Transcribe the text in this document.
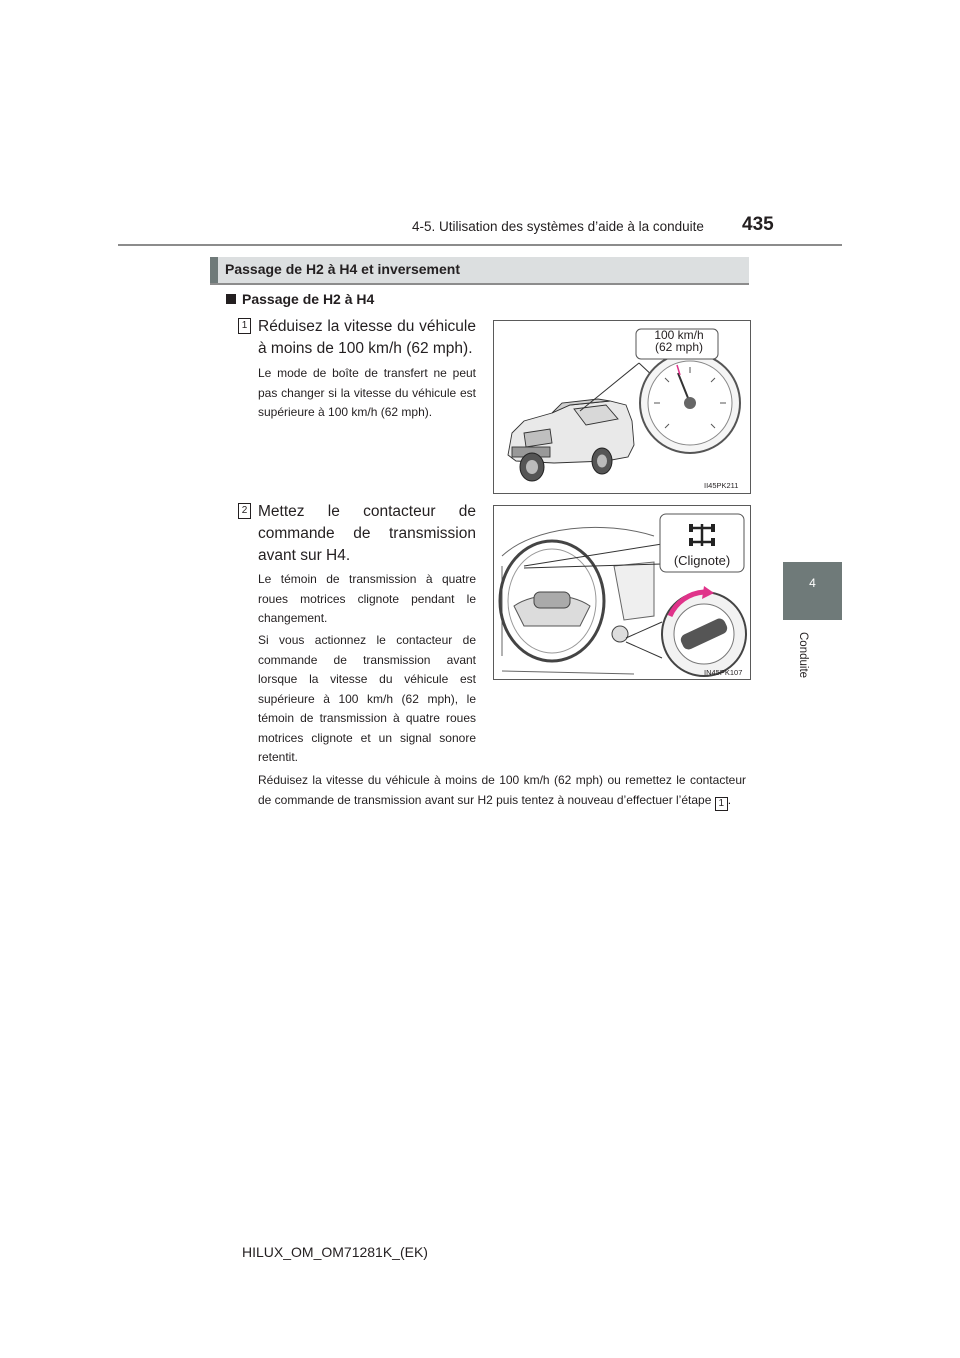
4-5. Utilisation des systèmes d’aide à la conduite 435
4
Conduite
Passage de H2 à H4 et inversement
Passage de H2 à H4
1 Réduisez la vitesse du véhicule à moins de 100 km/h (62 mph).
Le mode de boîte de transfert ne peut pas changer si la vitesse du véhicule est supérieure à 100 km/h (62 mph).
100 km/h
(62 mph)
II45PK211
2 Mettez le contacteur de commande de transmission avant sur H4.
Le témoin de transmission à quatre roues motrices clignote pendant le changement.
Si vous actionnez le contacteur de commande de transmission avant lorsque la vitesse du véhicule est supérieure à 100 km/h (62 mph), le témoin de transmission à quatre roues motrices clignote et un signal sonore retentit.
(Clignote)
IN45PK107
Réduisez la vitesse du véhicule à moins de 100 km/h (62 mph) ou remettez le contacteur de commande de transmission avant sur H2 puis tentez à nouveau d’effectuer l’étape 1 .
HILUX_OM_OM71281K_(EK)
